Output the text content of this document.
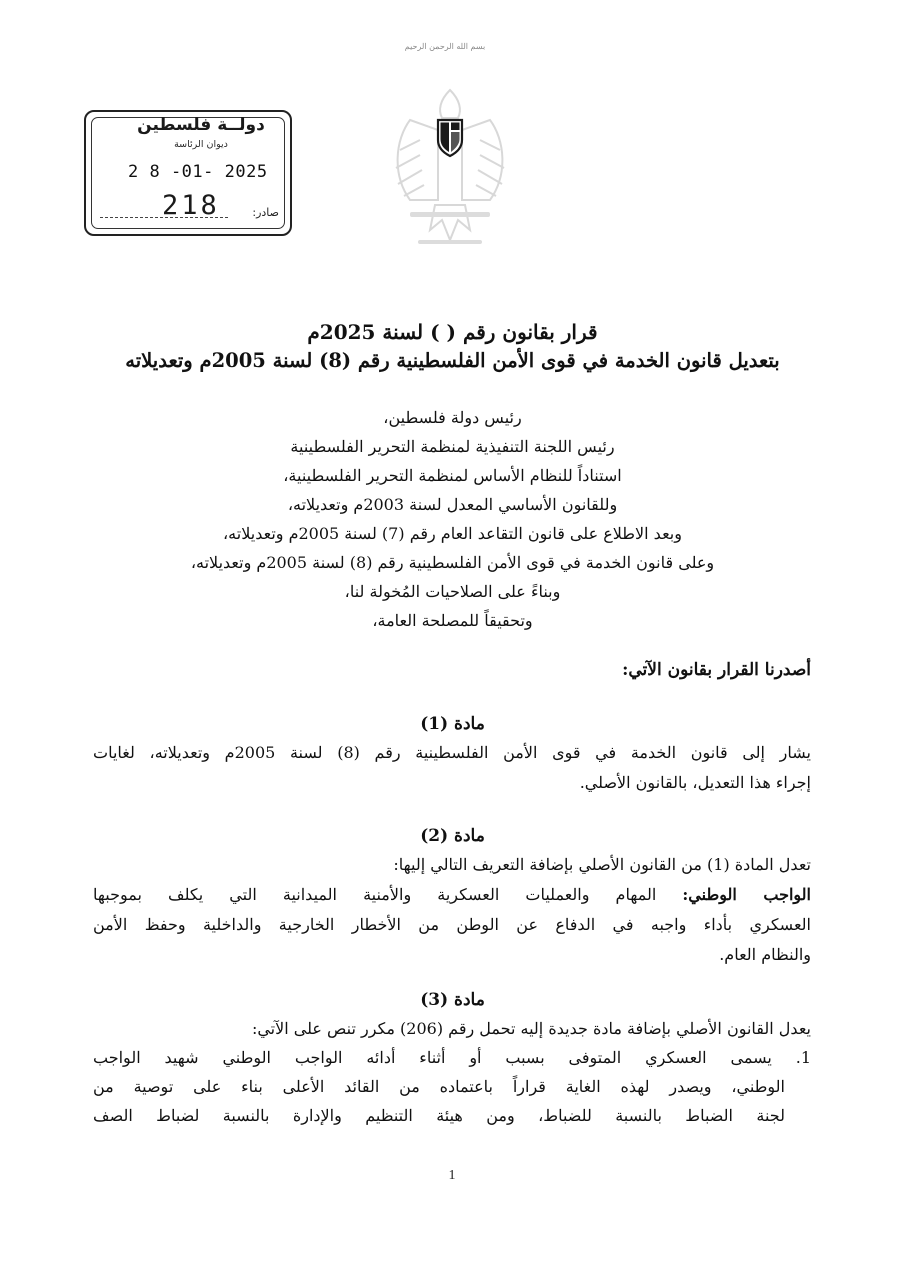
بسم الله الرحمن الرحيم
دولــة فلسطين
ديوان الرئاسة
2 8 -01- 2025
218	صادر:
قرار بقانون رقم ( ) لسنة 2025م
بتعديل قانون الخدمة في قوى الأمن الفلسطينية رقم (8) لسنة 2005م وتعديلاته
رئيس دولة فلسطين،
رئيس اللجنة التنفيذية لمنظمة التحرير الفلسطينية
استناداً للنظام الأساس لمنظمة التحرير الفلسطينية،
وللقانون الأساسي المعدل لسنة 2003م وتعديلاته،
وبعد الاطلاع على قانون التقاعد العام رقم (7) لسنة 2005م وتعديلاته،
وعلى قانون الخدمة في قوى الأمن الفلسطينية رقم (8) لسنة 2005م وتعديلاته،
وبناءً على الصلاحيات المُخولة لنا،
وتحقيقاً للمصلحة العامة،
أصدرنا القرار بقانون الآتي:
مادة (1)
يشار إلى قانون الخدمة في قوى الأمن الفلسطينية رقم (8) لسنة 2005م وتعديلاته، لغايات
إجراء هذا التعديل، بالقانون الأصلي.
مادة (2)
تعدل المادة (1) من القانون الأصلي بإضافة التعريف التالي إليها:
الواجب الوطني: المهام والعمليات العسكرية والأمنية الميدانية التي يكلف بموجبها
العسكري بأداء واجبه في الدفاع عن الوطن من الأخطار الخارجية والداخلية وحفظ الأمن
والنظام العام.
مادة (3)
يعدل القانون الأصلي بإضافة مادة جديدة إليه تحمل رقم (206) مكرر تنص على الآتي:
1. يسمى العسكري المتوفى بسبب أو أثناء أدائه الواجب الوطني شهيد الواجب
الوطني، ويصدر لهذه الغاية قراراً باعتماده من القائد الأعلى بناء على توصية من
لجنة الضباط بالنسبة للضباط، ومن هيئة التنظيم والإدارة بالنسبة لضباط الصف
1
